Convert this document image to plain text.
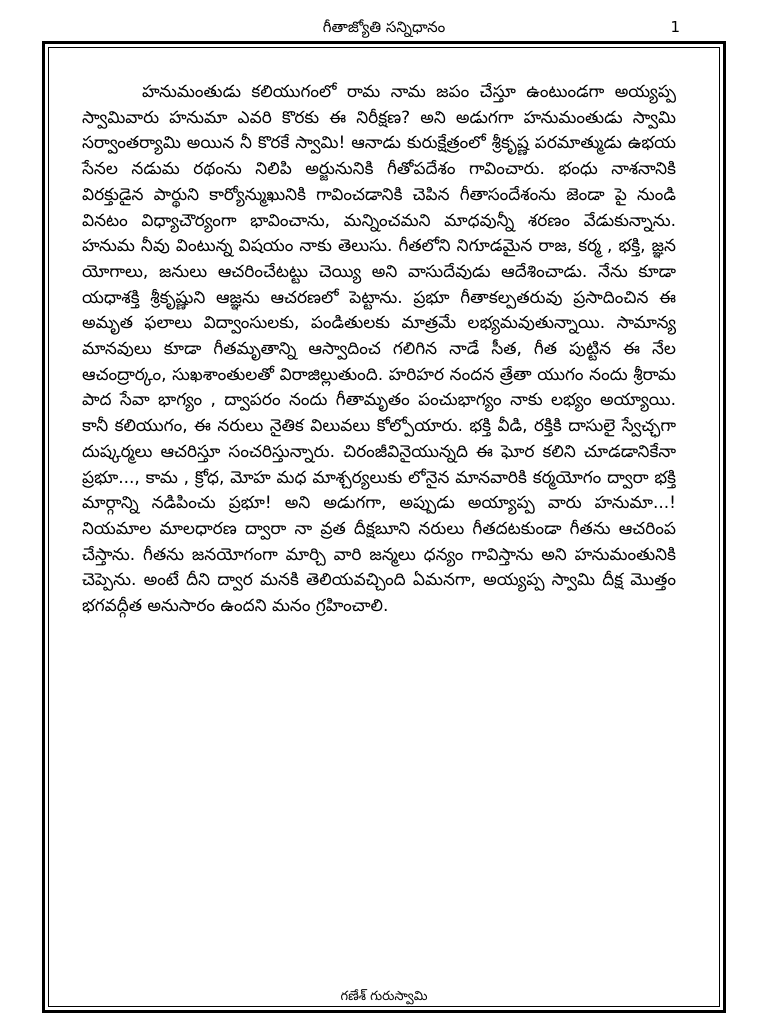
గీతాజ్యోతి సన్నిధానం	1

హనుమంతుడు కలియుగంలో రామ నామ జపం చేస్తూ ఉంటుండగా అయ్యప్ప స్వామివారు హనుమా ఎవరి కొరకు ఈ నిరీక్షణ? అని అడుగగా హనుమంతుడు స్వామి సర్వాంతర్యామి అయిన నీ కొరకే స్వామి! ఆనాడు కురుక్షేత్రంలో శ్రీకృష్ణ పరమాత్ముడు ఉభయ సేనల నడుమ రథంను నిలిపి అర్జునునికి గీతోపదేశం గావించారు. భంధు నాశనానికి విరక్తుడైన పార్థుని కార్యోన్ముఖునికి గావించడానికి చెపిన గీతాసందేశంను జెండా పై నుండి వినటం విధ్యాచౌర్యంగా భావించాను, మన్నించమని మాధవున్నీ శరణం వేడుకున్నాను. హనుమ నీవు వింటున్న విషయం నాకు తెలుసు. గీతలోని నిగూడమైన రాజ, కర్మ , భక్తి, జ్ఞన యోగాలు, జనులు ఆచరించేటట్టు చెయ్యి అని వాసుదేవుడు ఆదేశించాడు. నేను కూడా యధాశక్తి శ్రీకృష్ణుని ఆజ్ఞను ఆచరణలో పెట్టాను. ప్రభూ గీతాకల్పతరువు ప్రసాదించిన ఈ అమృత ఫలాలు విద్వాంసులకు, పండితులకు మాత్రమే లభ్యమవుతున్నాయి. సామాన్య మానవులు కూడా గీతమృతాన్ని ఆస్వాదించ గలిగిన నాడే సీత, గీత పుట్టిన ఈ నేల ఆచంద్రార్కం, సుఖశాంతులతో విరాజిల్లుతుంది. హరిహర నందన త్రేతా యుగం నందు శ్రీరామ పాద సేవా భాగ్యం , ద్వాపరం నందు గీతామృతం పంచుభాగ్యం నాకు లభ్యం అయ్యాయి. కానీ కలియుగం, ఈ నరులు నైతిక విలువలు కోల్పోయారు. భక్తి వీడి, రక్తికి దాసులై స్వేచ్ఛగా దుష్కర్మలు ఆచరిస్తూ సంచరిస్తున్నారు. చిరంజీవినైయున్నది ఈ ఘోర కలిని చూడడానికేనా ప్రభూ..., కామ , క్రోధ, మోహ మధ మాశ్చర్యలుకు లోనైన మానవారికి కర్మయోగం ద్వారా భక్తి మార్గాన్ని నడిపించు ప్రభూ! అని అడుగగా, అప్పుడు అయ్యాప్ప వారు హనుమా...! నియమాల మాలధారణ ద్వారా నా వ్రత దీక్షబూని నరులు గీతదటకుండా గీతను ఆచరింప చేస్తాను. గీతను జనయోగంగా మార్చి వారి జన్మలు ధన్యం గావిస్తాను అని హనుమంతునికి చెప్పెను. అంటే దీని ద్వార మనకి తెలియవచ్చింది ఏమనగా, అయ్యప్ప స్వామి దీక్ష మొత్తం భగవద్గీత అనుసారం ఉందని మనం గ్రహించాలి.

గణేశ్ గురుస్వామి
